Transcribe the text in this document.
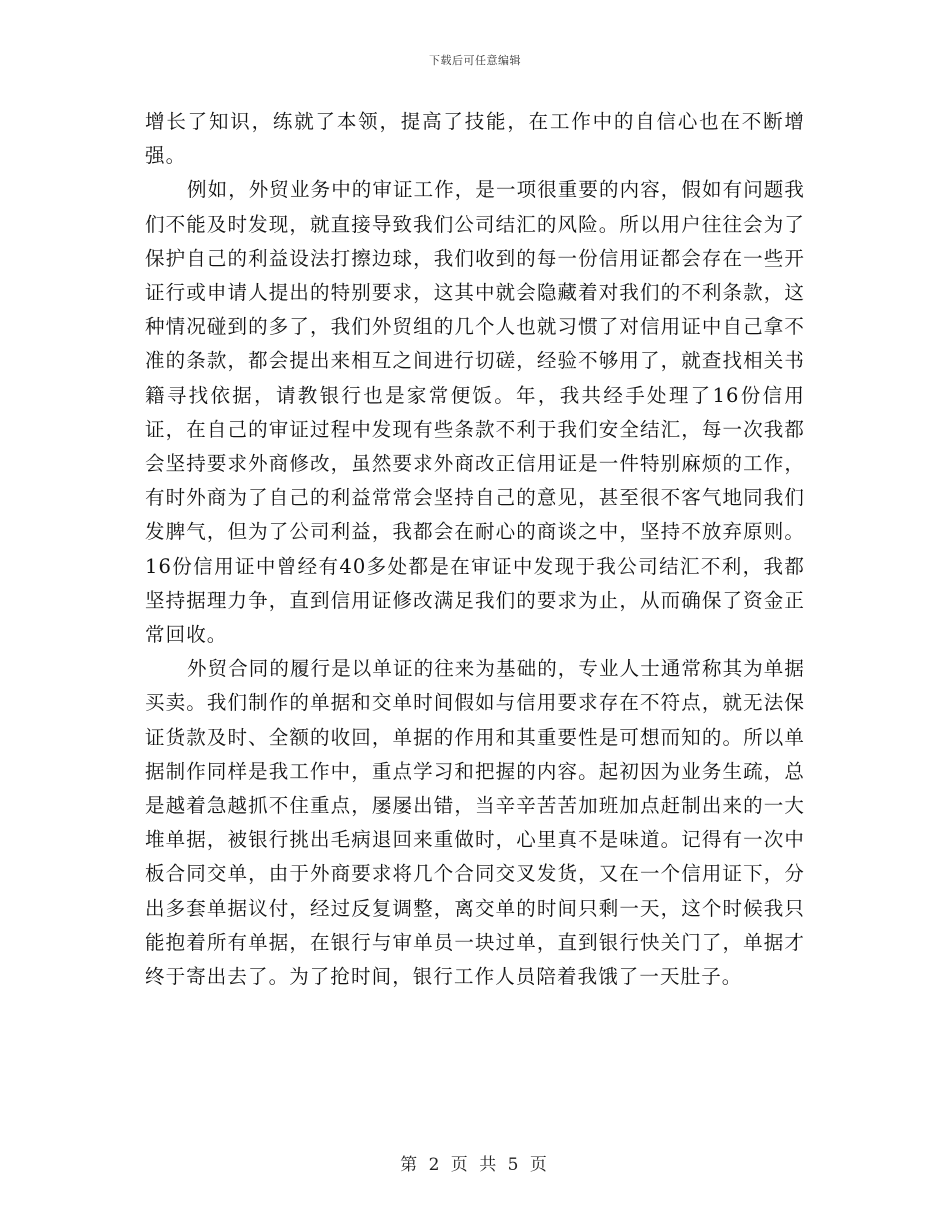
下载后可任意编辑

增长了知识，练就了本领，提高了技能，在工作中的自信心也在不断增强。

例如，外贸业务中的审证工作，是一项很重要的内容，假如有问题我们不能及时发现，就直接导致我们公司结汇的风险。所以用户往往会为了保护自己的利益设法打擦边球，我们收到的每一份信用证都会存在一些开证行或申请人提出的特别要求，这其中就会隐藏着对我们的不利条款，这种情况碰到的多了，我们外贸组的几个人也就习惯了对信用证中自己拿不准的条款，都会提出来相互之间进行切磋，经验不够用了，就查找相关书籍寻找依据，请教银行也是家常便饭。年，我共经手处理了16份信用证，在自己的审证过程中发现有些条款不利于我们安全结汇，每一次我都会坚持要求外商修改，虽然要求外商改正信用证是一件特别麻烦的工作，有时外商为了自己的利益常常会坚持自己的意见，甚至很不客气地同我们发脾气，但为了公司利益，我都会在耐心的商谈之中，坚持不放弃原则。16份信用证中曾经有40多处都是在审证中发现于我公司结汇不利，我都坚持据理力争，直到信用证修改满足我们的要求为止，从而确保了资金正常回收。

外贸合同的履行是以单证的往来为基础的，专业人士通常称其为单据买卖。我们制作的单据和交单时间假如与信用要求存在不符点，就无法保证货款及时、全额的收回，单据的作用和其重要性是可想而知的。所以单据制作同样是我工作中，重点学习和把握的内容。起初因为业务生疏，总是越着急越抓不住重点，屡屡出错，当辛辛苦苦加班加点赶制出来的一大堆单据，被银行挑出毛病退回来重做时，心里真不是味道。记得有一次中板合同交单，由于外商要求将几个合同交叉发货，又在一个信用证下，分出多套单据议付，经过反复调整，离交单的时间只剩一天，这个时候我只能抱着所有单据，在银行与审单员一块过单，直到银行快关门了，单据才终于寄出去了。为了抢时间，银行工作人员陪着我饿了一天肚子。

第 2 页 共 5 页
